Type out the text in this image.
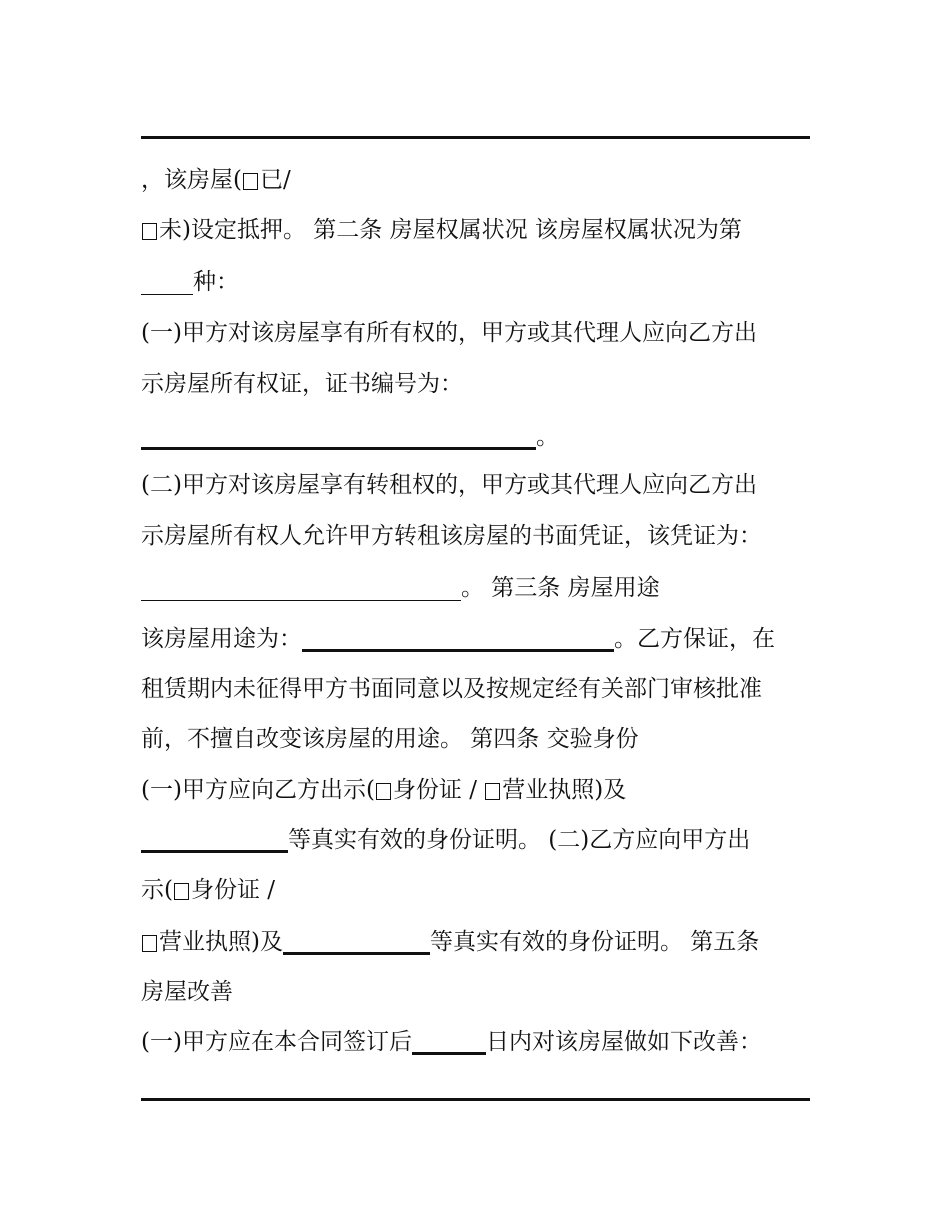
，该房屋( 已/
未)设定抵押。 第二条 房屋权属状况 该房屋权属状况为第
种：
(一)甲方对该房屋享有所有权的，甲方或其代理人应向乙方出
示房屋所有权证，证书编号为：
。
(二)甲方对该房屋享有转租权的，甲方或其代理人应向乙方出
示房屋所有权人允许甲方转租该房屋的书面凭证，该凭证为：
。 第三条 房屋用途
该房屋用途为：	。乙方保证，在
租赁期内未征得甲方书面同意以及按规定经有关部门审核批准
前，不擅自改变该房屋的用途。 第四条 交验身份
(一)甲方应向乙方出示( 身份证 / 营业执照)及
等真实有效的身份证明。 (二)乙方应向甲方出
示( 身份证 /
营业执照)及	等真实有效的身份证明。 第五条
房屋改善
(一)甲方应在本合同签订后	日内对该房屋做如下改善：
